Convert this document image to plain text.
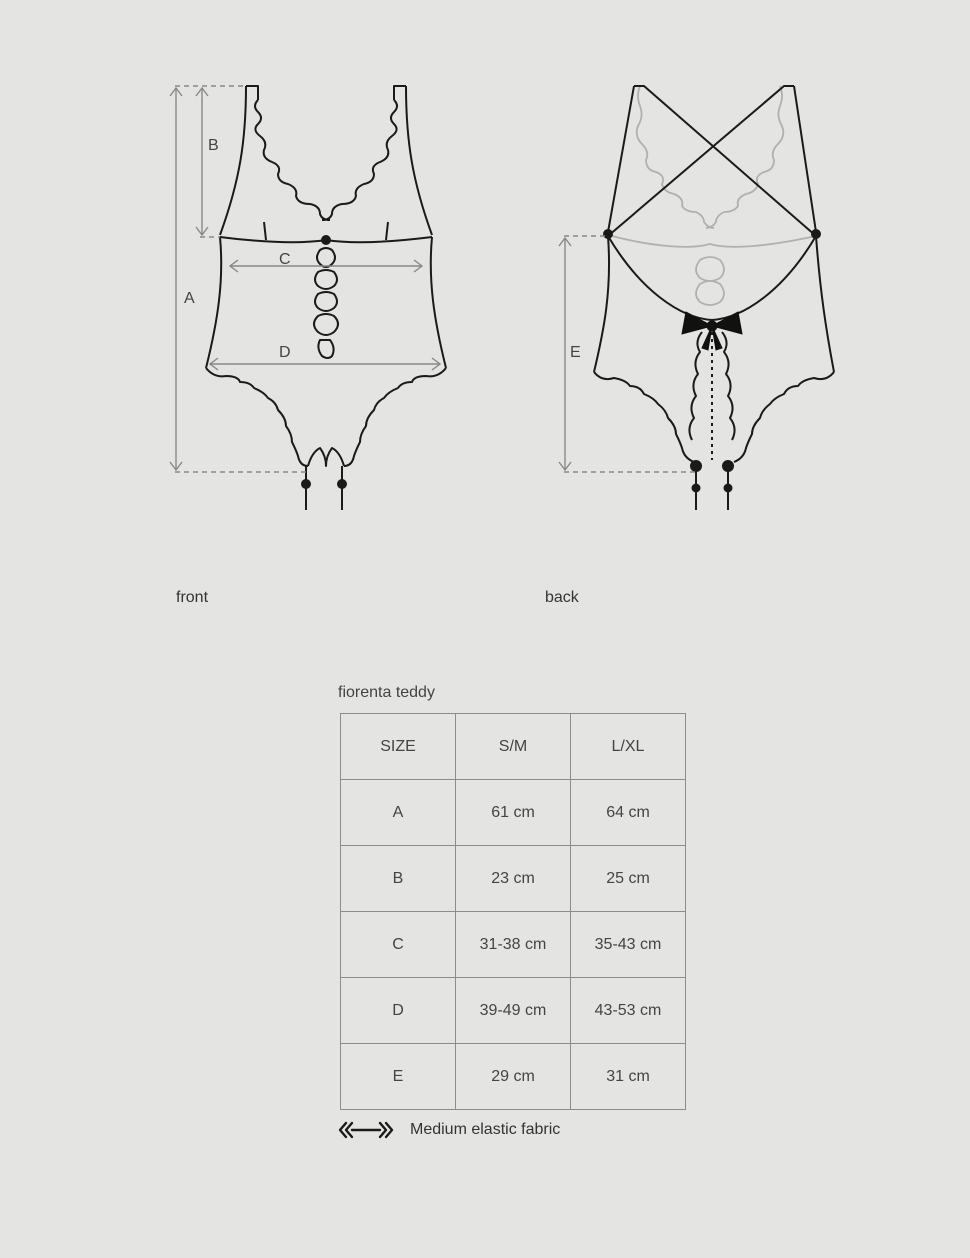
A
B
C
D	E
front	back
fiorenta teddy
SIZE	S/M	L/XL
A	61 cm	64 cm
B	23 cm	25 cm
C	31-38 cm	35-43 cm
D	39-49 cm	43-53 cm
E	29 cm	31 cm
Medium elastic fabric
